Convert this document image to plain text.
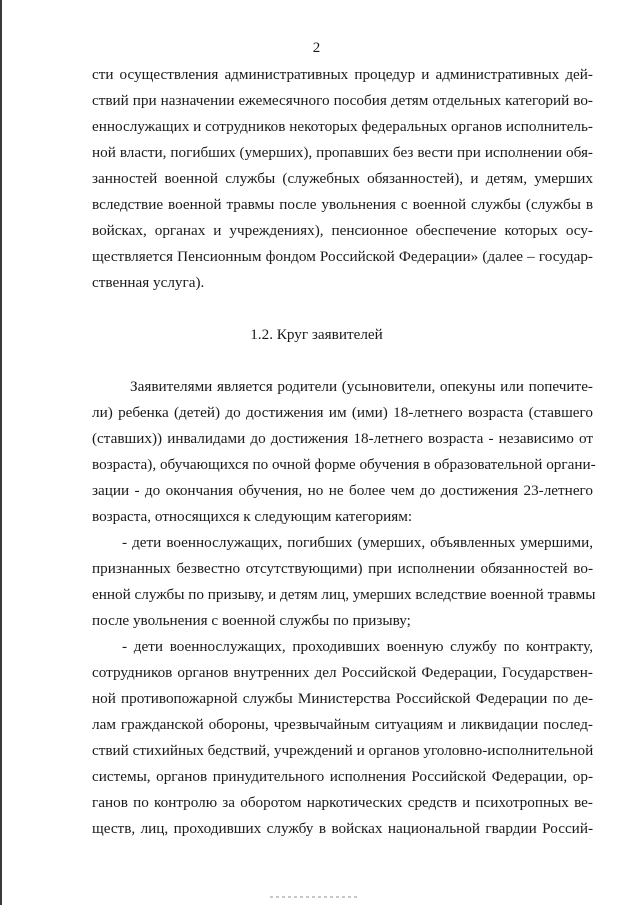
2
сти осуществления административных процедур и административных дей-
ствий при назначении ежемесячного пособия детям отдельных категорий во-
еннослужащих и сотрудников некоторых федеральных органов исполнитель-
ной власти, погибших (умерших), пропавших без вести при исполнении обя-
занностей военной службы (служебных обязанностей), и детям, умерших
вследствие военной травмы после увольнения с военной службы (службы в
войсках, органах и учреждениях), пенсионное обеспечение которых осу-
ществляется Пенсионным фондом Российской Федерации» (далее – государ-
ственная услуга).
1.2. Круг заявителей
Заявителями является родители (усыновители, опекуны или попечите-
ли) ребенка (детей) до достижения им (ими) 18-летнего возраста (ставшего
(ставших)) инвалидами до достижения 18-летнего возраста - независимо от
возраста), обучающихся по очной форме обучения в образовательной органи-
зации - до окончания обучения, но не более чем до достижения 23-летнего
возраста, относящихся к следующим категориям:
- дети военнослужащих, погибших (умерших, объявленных умершими,
признанных безвестно отсутствующими) при исполнении обязанностей во-
енной службы по призыву, и детям лиц, умерших вследствие военной травмы
после увольнения с военной службы по призыву;
- дети военнослужащих, проходивших военную службу по контракту,
сотрудников органов внутренних дел Российской Федерации, Государствен-
ной противопожарной службы Министерства Российской Федерации по де-
лам гражданской обороны, чрезвычайным ситуациям и ликвидации послед-
ствий стихийных бедствий, учреждений и органов уголовно-исполнительной
системы, органов принудительного исполнения Российской Федерации, ор-
ганов по контролю за оборотом наркотических средств и психотропных ве-
ществ, лиц, проходивших службу в войсках национальной гвардии Россий-
